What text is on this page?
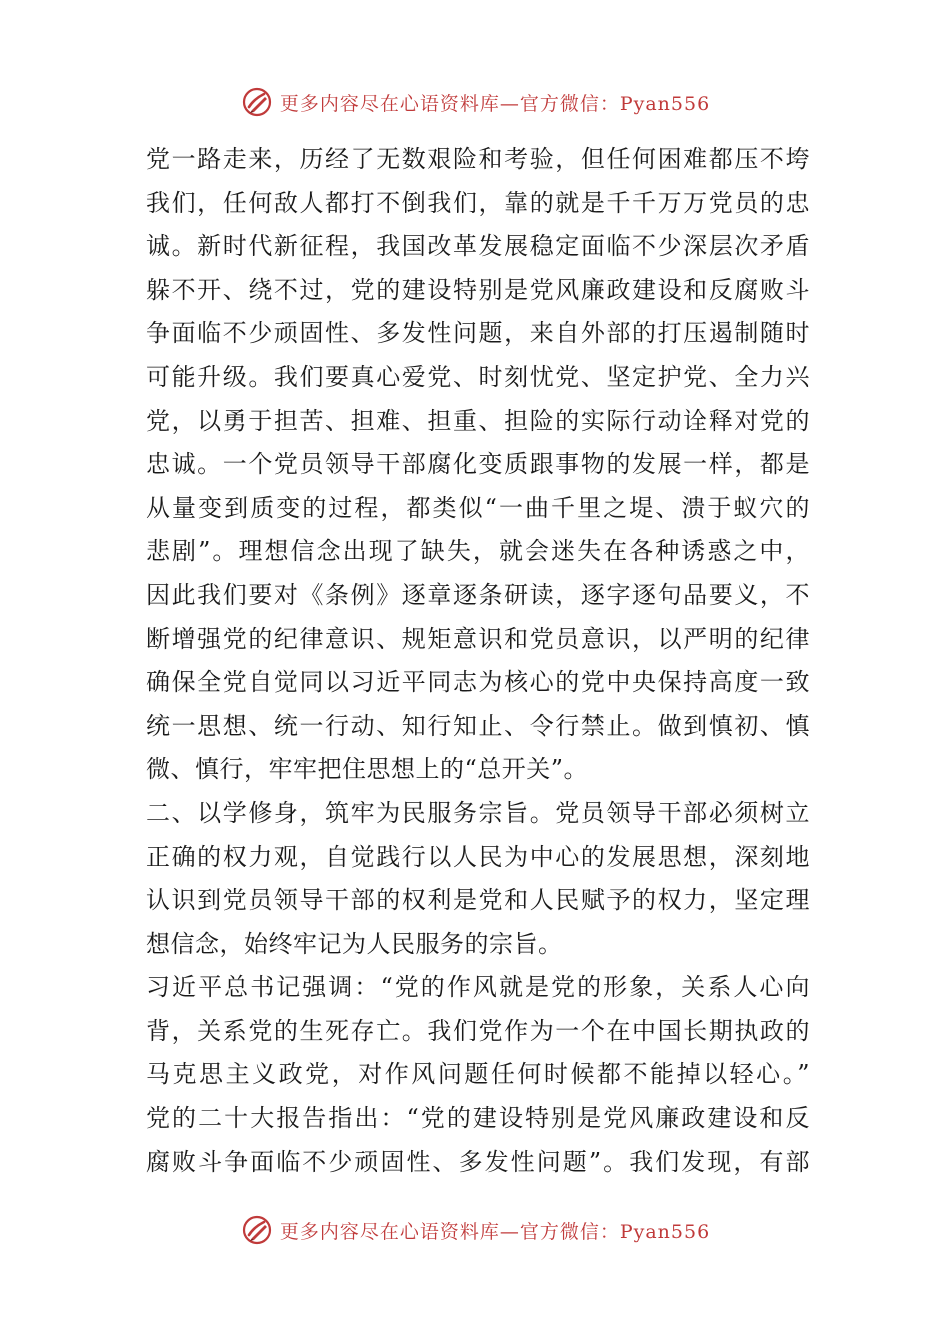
更多内容尽在心语资料库—官方微信：Pyan556
党一路走来，历经了无数艰险和考验，但任何困难都压不垮
我们，任何敌人都打不倒我们，靠的就是千千万万党员的忠
诚。新时代新征程，我国改革发展稳定面临不少深层次矛盾
躲不开、绕不过，党的建设特别是党风廉政建设和反腐败斗
争面临不少顽固性、多发性问题，来自外部的打压遏制随时
可能升级。我们要真心爱党、时刻忧党、坚定护党、全力兴
党，以勇于担苦、担难、担重、担险的实际行动诠释对党的
忠诚。一个党员领导干部腐化变质跟事物的发展一样，都是
从量变到质变的过程，都类似“一曲千里之堤、溃于蚁穴的
悲剧”。理想信念出现了缺失，就会迷失在各种诱惑之中，
因此我们要对《条例》逐章逐条研读，逐字逐句品要义，不
断增强党的纪律意识、规矩意识和党员意识，以严明的纪律
确保全党自觉同以习近平同志为核心的党中央保持高度一致
统一思想、统一行动、知行知止、令行禁止。做到慎初、慎
微、慎行，牢牢把住思想上的“总开关”。
二、以学修身，筑牢为民服务宗旨。党员领导干部必须树立
正确的权力观，自觉践行以人民为中心的发展思想，深刻地
认识到党员领导干部的权利是党和人民赋予的权力，坚定理
想信念，始终牢记为人民服务的宗旨。
习近平总书记强调：“党的作风就是党的形象，关系人心向
背，关系党的生死存亡。我们党作为一个在中国长期执政的
马克思主义政党，对作风问题任何时候都不能掉以轻心。”
党的二十大报告指出：“党的建设特别是党风廉政建设和反
腐败斗争面临不少顽固性、多发性问题”。我们发现，有部
更多内容尽在心语资料库—官方微信：Pyan556
